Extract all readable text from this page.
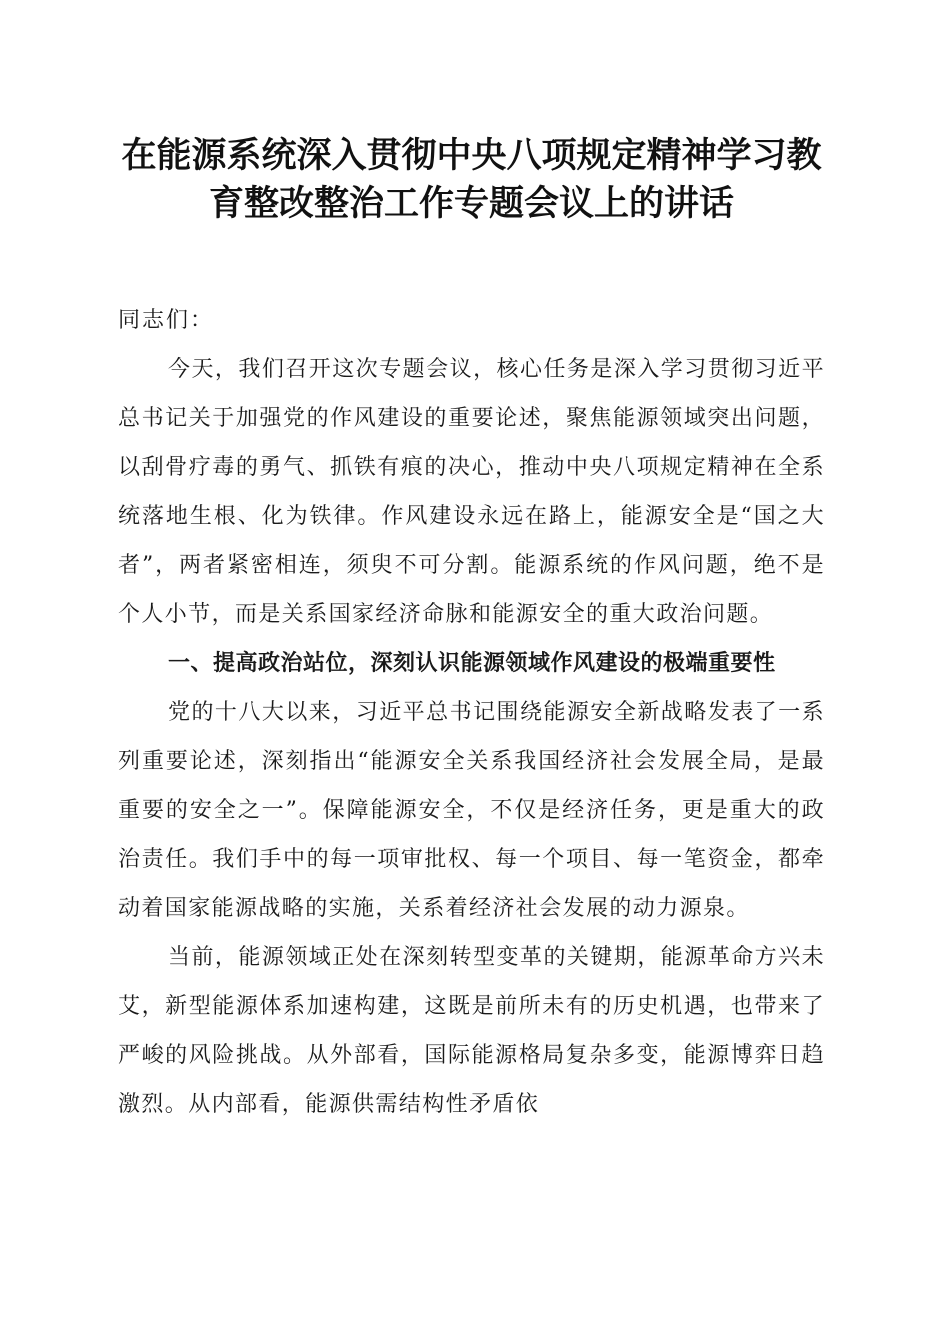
在能源系统深入贯彻中央八项规定精神学习教
育整改整治工作专题会议上的讲话

同志们：

今天，我们召开这次专题会议，核心任务是深入学习贯彻习近平总书记关于加强党的作风建设的重要论述，聚焦能源领域突出问题，以刮骨疗毒的勇气、抓铁有痕的决心，推动中央八项规定精神在全系统落地生根、化为铁律。作风建设永远在路上，能源安全是“国之大者”，两者紧密相连，须臾不可分割。能源系统的作风问题，绝不是个人小节，而是关系国家经济命脉和能源安全的重大政治问题。

一、提高政治站位，深刻认识能源领域作风建设的极端重要性

党的十八大以来，习近平总书记围绕能源安全新战略发表了一系列重要论述，深刻指出“能源安全关系我国经济社会发展全局，是最重要的安全之一”。保障能源安全，不仅是经济任务，更是重大的政治责任。我们手中的每一项审批权、每一个项目、每一笔资金，都牵动着国家能源战略的实施，关系着经济社会发展的动力源泉。

当前，能源领域正处在深刻转型变革的关键期，能源革命方兴未艾，新型能源体系加速构建，这既是前所未有的历史机遇，也带来了严峻的风险挑战。从外部看，国际能源格局复杂多变，能源博弈日趋激烈。从内部看，能源供需结构性矛盾依
